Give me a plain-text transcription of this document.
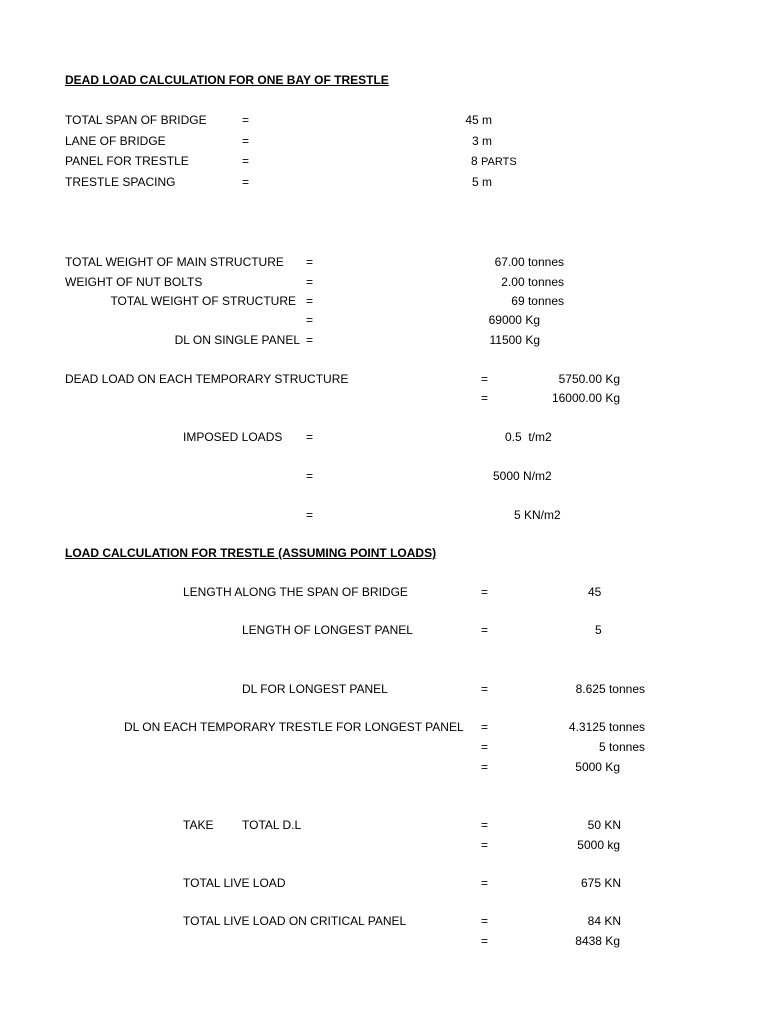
DEAD LOAD CALCULATION FOR ONE BAY OF TRESTLE
TOTAL SPAN OF BRIDGE	=	45 m
LANE OF BRIDGE	=	3 m
PANEL FOR TRESTLE	=	8 PARTS
TRESTLE SPACING	=	5 m
TOTAL WEIGHT OF MAIN STRUCTURE =	67.00 tonnes
WEIGHT OF NUT BOLTS	=	2.00 tonnes
TOTAL WEIGHT OF STRUCTURE =	69 tonnes
=	69000 Kg
DL ON SINGLE PANEL =	11500 Kg
DEAD LOAD ON EACH TEMPORARY STRUCTURE	=	5750.00 Kg
=	16000.00 Kg
IMPOSED LOADS =	0.5  t/m2
=	5000 N/m2
=	5 KN/m2
LOAD CALCULATION FOR TRESTLE (ASSUMING POINT LOADS)
LENGTH ALONG THE SPAN OF BRIDGE	=	45
LENGTH OF LONGEST PANEL	=	5
DL FOR LONGEST PANEL	=	8.625 tonnes
DL ON EACH TEMPORARY TRESTLE FOR LONGEST PANEL =	4.3125 tonnes
=	5 tonnes
=	5000 Kg
TAKE TOTAL D.L	=	50 KN
=	5000 kg
TOTAL LIVE LOAD	=	675 KN
TOTAL LIVE LOAD ON CRITICAL PANEL	=	84 KN
=	8438 Kg
